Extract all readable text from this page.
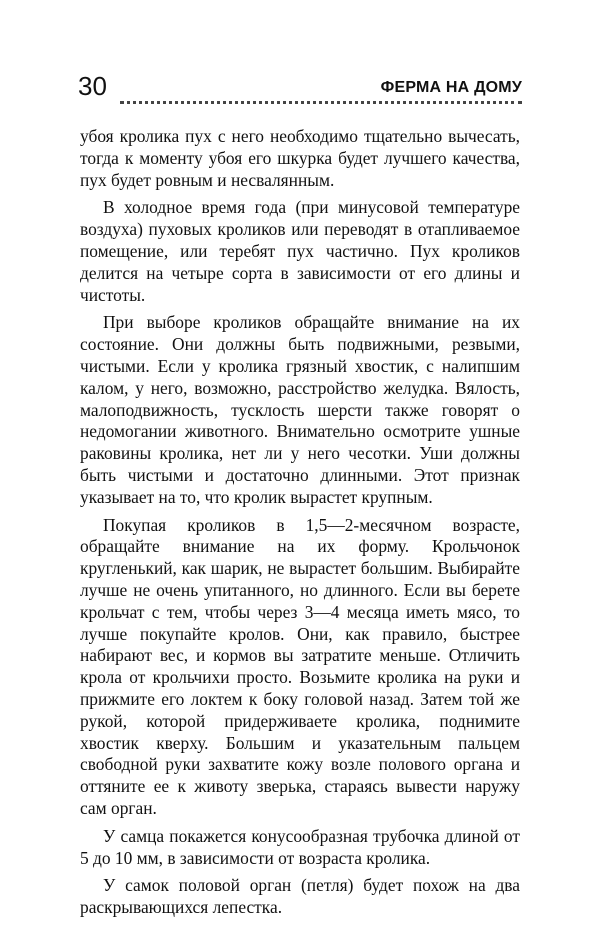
30	ФЕРМА НА ДОМУ

убоя кролика пух с него необходимо тщательно вычесать, тогда к моменту убоя его шкурка будет лучшего качества, пух будет ровным и несвалянным.

В холодное время года (при минусовой температуре воздуха) пуховых кроликов или переводят в отапливаемое помещение, или теребят пух частично. Пух кроликов делится на четыре сорта в зависимости от его длины и чистоты.

При выборе кроликов обращайте внимание на их состояние. Они должны быть подвижными, резвыми, чистыми. Если у кролика грязный хвостик, с налипшим калом, у него, возможно, расстройство желудка. Вялость, малоподвижность, тусклость шерсти также говорят о недомогании животного. Внимательно осмотрите ушные раковины кролика, нет ли у него чесотки. Уши должны быть чистыми и достаточно длинными. Этот признак указывает на то, что кролик вырастет крупным.

Покупая кроликов в 1,5—2-месячном возрасте, обращайте внимание на их форму. Крольчонок кругленький, как шарик, не вырастет большим. Выбирайте лучше не очень упитанного, но длинного. Если вы берете крольчат с тем, чтобы через 3—4 месяца иметь мясо, то лучше покупайте кролов. Они, как правило, быстрее набирают вес, и кормов вы затратите меньше. Отличить крола от крольчихи просто. Возьмите кролика на руки и прижмите его локтем к боку головой назад. Затем той же рукой, которой придерживаете кролика, поднимите хвостик кверху. Большим и указательным пальцем свободной руки захватите кожу возле полового органа и оттяните ее к животу зверька, стараясь вывести наружу сам орган.

У самца покажется конусообразная трубочка длиной от 5 до 10 мм, в зависимости от возраста кролика.

У самок половой орган (петля) будет похож на два раскрывающихся лепестка.
